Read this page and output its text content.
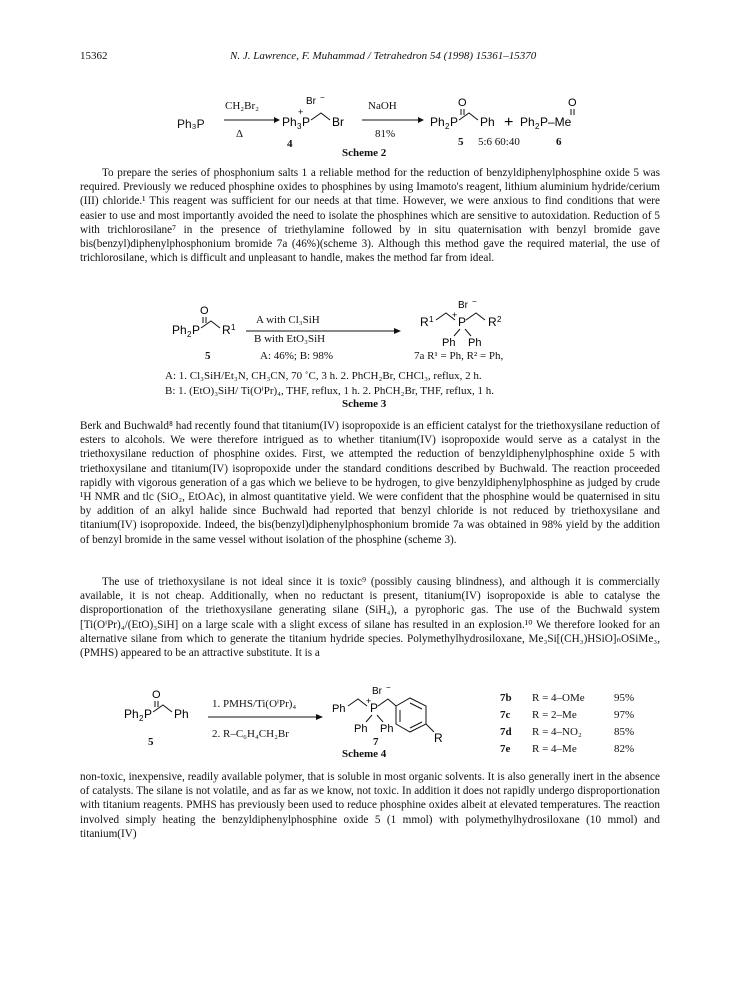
15362	N. J. Lawrence, F. Muhammad / Tetrahedron 54 (1998) 15361–15370
Ph₃P
CH₂Br₂
Δ
Br −
+
Ph 3 P Br
4
NaOH
81%
O
Ph 2 P Ph +
O
Ph 2 P–Me
5 5:6 60:40	6
Scheme 2

To prepare the series of phosphonium salts 1 a reliable method for the reduction of benzyldiphenylphosphine oxide 5 was required. Previously we reduced phosphine oxides to phosphines by using Imamoto's reagent, lithium aluminium hydride/cerium (III) chloride.¹ This reagent was sufficient for our needs at that time. However, we were anxious to find conditions that were easier to use and most importantly avoided the need to isolate the phosphines which are sensitive to autoxidation. Reduction of 5 with trichlorosilane⁷ in the presence of triethylamine followed by in situ quaternisation with benzyl bromide gave bis(benzyl)diphenylphosphonium bromide 7a (46%)(scheme 3). Although this method gave the required material, the use of trichlorosilane, which is difficult and unpleasant to handle, makes the method far from ideal.

O
Ph 2 P R 1
5
A with Cl₃SiH
B with EtO₃SiH
A: 46%; B: 98%
Br −
R 1 + P R 2
Ph Ph
7a R¹ = Ph, R² = Ph,
A: 1. Cl₃SiH/Et₃N, CH₃CN, 70 ˚C, 3 h. 2. PhCH₂Br, CHCl₃, reflux, 2 h.
B: 1. (EtO)₃SiH/ Ti(OⁱPr)₄, THF, reflux, 1 h. 2. PhCH₂Br, THF, reflux, 1 h.
Scheme 3

Berk and Buchwald⁸ had recently found that titanium(IV) isopropoxide is an efficient catalyst for the triethoxysilane reduction of esters to alcohols. We were therefore intrigued as to whether titanium(IV) isopropoxide would serve as a catalyst in the triethoxysilane reduction of phosphine oxides. First, we attempted the reduction of benzyldiphenylphosphine oxide 5 with triethoxysilane and titanium(IV) isopropoxide under the standard conditions described by Buchwald. The reaction proceeded rapidly with vigorous generation of a gas which we believe to be hydrogen, to give benzyldiphenylphosphine as judged by crude ¹H NMR and tlc (SiO₂, EtOAc), in almost quantitative yield. We were confident that the phosphine would be quaternised in situ by addition of an alkyl halide since Buchwald had reported that benzyl chloride is not reduced by triethoxysilane and titanium(IV) isopropoxide. Indeed, the bis(benzyl)diphenylphosphonium bromide 7a was obtained in 98% yield by the addition of benzyl bromide in the same vessel without isolation of the phosphine (scheme 3).

The use of triethoxysilane is not ideal since it is toxic⁹ (possibly causing blindness), and although it is commercially available, it is not cheap. Additionally, when no reductant is present, titanium(IV) isopropoxide is able to catalyse the disproportionation of the triethoxysilane generating silane (SiH₄), a pyrophoric gas. The use of the Buchwald system [Ti(OⁱPr)₄/(EtO)₃SiH] on a large scale with a slight excess of silane has resulted in an explosion.¹⁰ We therefore looked for an alternative silane from which to generate the titanium hydride species. Polymethylhydrosiloxane, Me₃Si[(CH₃)HSiO]ₙOSiMe₃, (PMHS) appeared to be an attractive substitute. It is a

O
Ph 2 P Ph
5
1. PMHS/Ti(OⁱPr)₄
2. R–C₆H₄CH₂Br
Br −
Ph
+
P
Ph Ph
R
7
Scheme 4
7b R = 4–OMe	95%
7c R = 2–Me	97%
7d R = 4–NO₂	85%
7e R = 4–Me	82%

non-toxic, inexpensive, readily available polymer, that is soluble in most organic solvents. It is also generally inert in the absence of catalysts. The silane is not volatile, and as far as we know, not toxic. In addition it does not rapidly undergo disproportionation with titanium reagents. PMHS has previously been used to reduce phosphine oxides albeit at elevated temperatures. The reaction involved simply heating the benzyldiphenylphosphine oxide 5 (1 mmol) with polymethylhydrosiloxane (10 mmol) and titanium(IV)
